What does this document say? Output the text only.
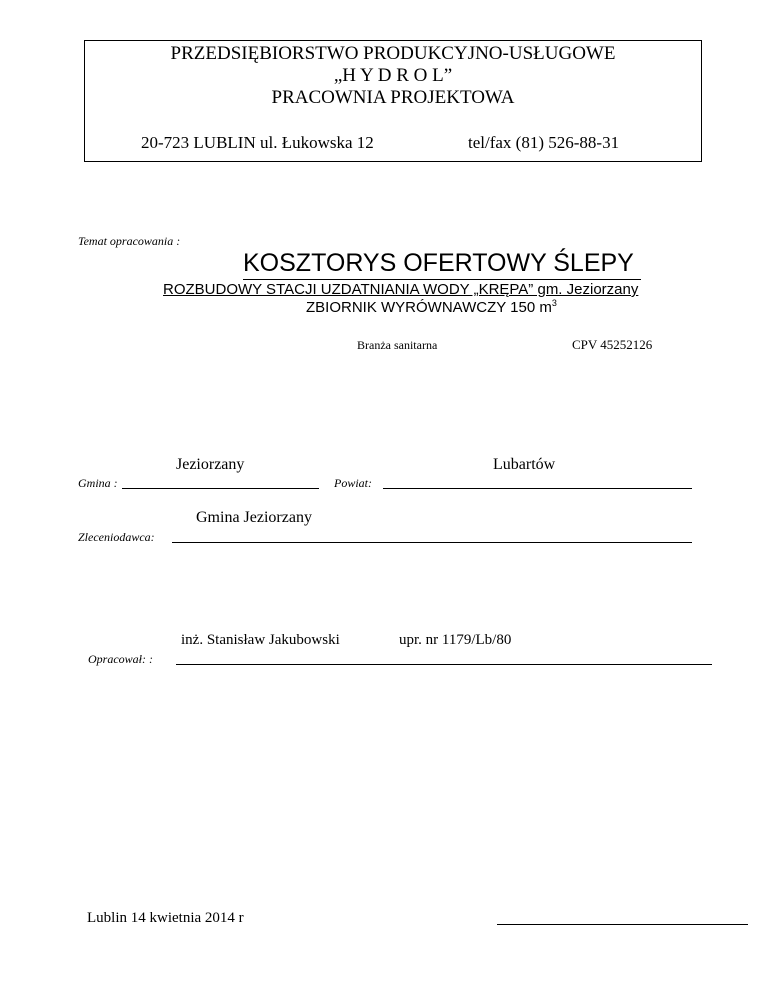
PRZEDSIĘBIORSTWO PRODUKCYJNO-USŁUGOWE
„H Y D R O L”
PRACOWNIA PROJEKTOWA
20-723 LUBLIN ul. Łukowska 12	tel/fax (81) 526-88-31
Temat opracowania :
KOSZTORYS OFERTOWY ŚLEPY
ROZBUDOWY STACJI UZDATNIANIA WODY „KRĘPA” gm. Jeziorzany
ZBIORNIK WYRÓWNAWCZY 150 $m^3$
Branża sanitarna	CPV 45252126
Jeziorzany	Lubartów
Gmina :	Powiat:
Gmina Jeziorzany
Zleceniodawca:
inż. Stanisław Jakubowski	upr. nr 1179/Lb/80
Opracował: :
Lublin 14 kwietnia 2014 r
